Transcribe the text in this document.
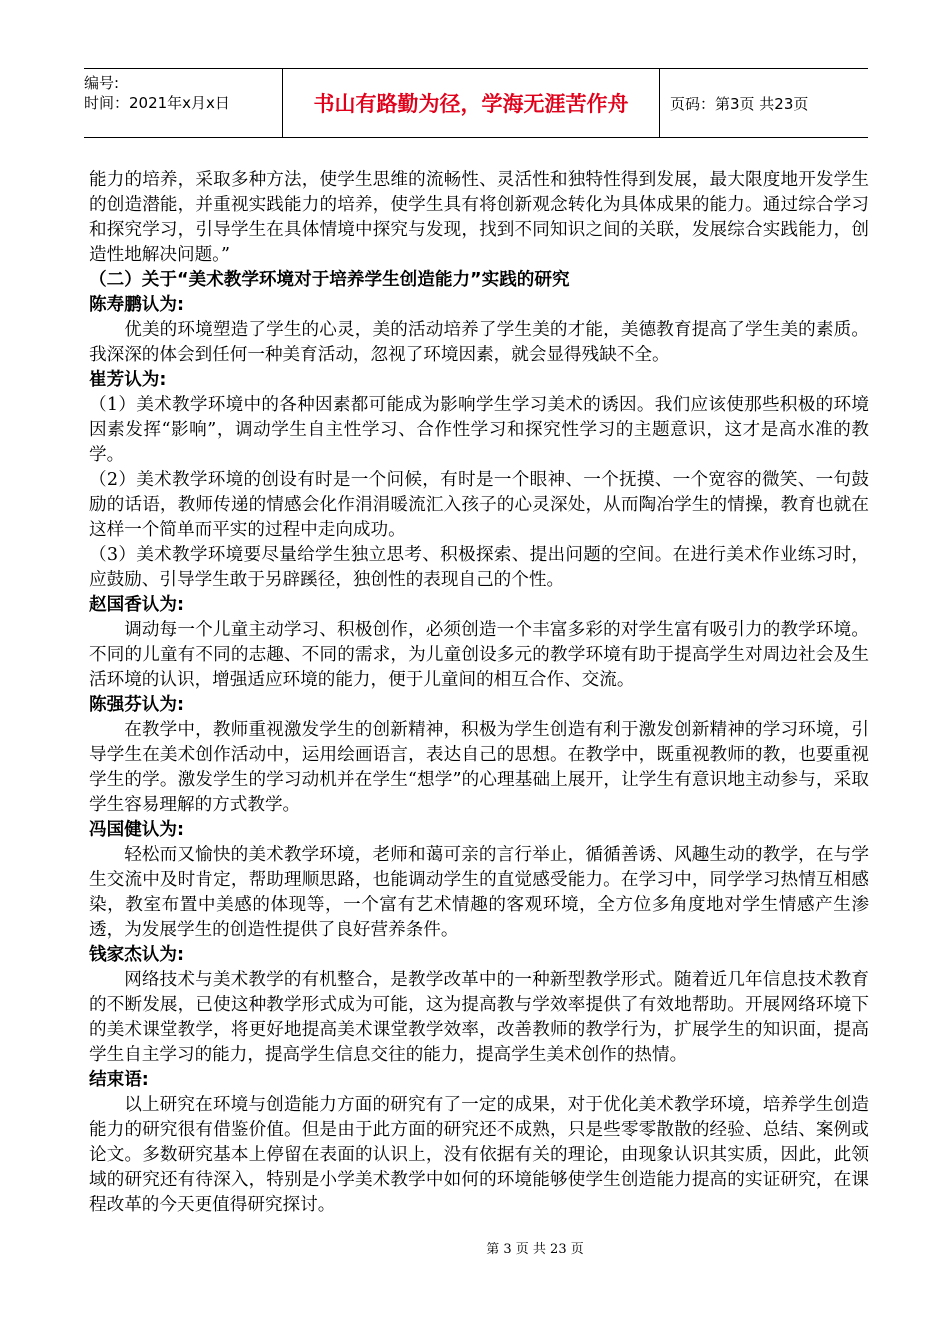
编号:
时间：2021年x月x日	书山有路勤为径，学海无涯苦作舟	页码：第3页 共23页

能力的培养，采取多种方法，使学生思维的流畅性、灵活性和独特性得到发展，最大限度地开发学生的创造潜能，并重视实践能力的培养，使学生具有将创新观念转化为具体成果的能力。通过综合学习和探究学习，引导学生在具体情境中探究与发现，找到不同知识之间的关联，发展综合实践能力，创造性地解决问题。”

（二）关于“美术教学环境对于培养学生创造能力”实践的研究

陈寿鹏认为:

优美的环境塑造了学生的心灵，美的活动培养了学生美的才能，美德教育提高了学生美的素质。我深深的体会到任何一种美育活动，忽视了环境因素，就会显得残缺不全。

崔芳认为:

（1）美术教学环境中的各种因素都可能成为影响学生学习美术的诱因。我们应该使那些积极的环境因素发挥“影响”，调动学生自主性学习、合作性学习和探究性学习的主题意识，这才是高水准的教学。

（2）美术教学环境的创设有时是一个问候，有时是一个眼神、一个抚摸、一个宽容的微笑、一句鼓励的话语，教师传递的情感会化作涓涓暖流汇入孩子的心灵深处，从而陶冶学生的情操，教育也就在这样一个简单而平实的过程中走向成功。

（3）美术教学环境要尽量给学生独立思考、积极探索、提出问题的空间。在进行美术作业练习时，应鼓励、引导学生敢于另辟蹊径，独创性的表现自己的个性。

赵国香认为:

调动每一个儿童主动学习、积极创作，必须创造一个丰富多彩的对学生富有吸引力的教学环境。不同的儿童有不同的志趣、不同的需求，为儿童创设多元的教学环境有助于提高学生对周边社会及生活环境的认识，增强适应环境的能力，便于儿童间的相互合作、交流。

陈强芬认为:

在教学中，教师重视激发学生的创新精神，积极为学生创造有利于激发创新精神的学习环境，引导学生在美术创作活动中，运用绘画语言，表达自己的思想。在教学中，既重视教师的教，也要重视学生的学。激发学生的学习动机并在学生“想学”的心理基础上展开，让学生有意识地主动参与，采取学生容易理解的方式教学。

冯国健认为:

轻松而又愉快的美术教学环境，老师和蔼可亲的言行举止，循循善诱、风趣生动的教学，在与学生交流中及时肯定，帮助理顺思路，也能调动学生的直觉感受能力。在学习中，同学学习热情互相感染，教室布置中美感的体现等，一个富有艺术情趣的客观环境，全方位多角度地对学生情感产生渗透，为发展学生的创造性提供了良好营养条件。

钱家杰认为:

网络技术与美术教学的有机整合，是教学改革中的一种新型教学形式。随着近几年信息技术教育的不断发展，已使这种教学形式成为可能，这为提高教与学效率提供了有效地帮助。开展网络环境下的美术课堂教学，将更好地提高美术课堂教学效率，改善教师的教学行为，扩展学生的知识面，提高学生自主学习的能力，提高学生信息交往的能力，提高学生美术创作的热情。

结束语:

以上研究在环境与创造能力方面的研究有了一定的成果，对于优化美术教学环境，培养学生创造能力的研究很有借鉴价值。但是由于此方面的研究还不成熟，只是些零零散散的经验、总结、案例或论文。多数研究基本上停留在表面的认识上，没有依据有关的理论，由现象认识其实质，因此，此领域的研究还有待深入，特别是小学美术教学中如何的环境能够使学生创造能力提高的实证研究，在课程改革的今天更值得研究探讨。

第 3 页 共 23 页
